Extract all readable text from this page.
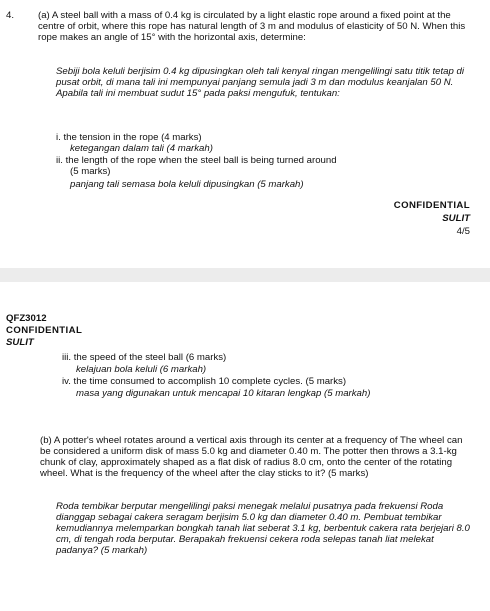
4. (a) A steel ball with a mass of 0.4 kg is circulated by a light elastic rope around a fixed point at the centre of orbit, where this rope has natural length of 3 m and modulus of elasticity of 50 N. When this rope makes an angle of 15° with the horizontal axis, determine:

Sebiji bola keluli berjisim 0.4 kg dipusingkan oleh tali kenyal ringan mengelilingi satu titik tetap di pusat orbit, di mana tali ini mempunyai panjang semula jadi 3 m dan modulus keanjalan 50 N. Apabila tali ini membuat sudut 15° pada paksi mengufuk, tentukan:

i. the tension in the rope (4 marks)

ketegangan dalam tali (4 markah)

ii. the length of the rope when the steel ball is being turned around

(5 marks)

panjang tali semasa bola keluli dipusingkan (5 markah)

CONFIDENTIAL

SULIT

4/5

QFZ3012

CONFIDENTIAL

SULIT

iii. the speed of the steel ball (6 marks)

kelajuan bola keluli (6 markah)

iv. the time consumed to accomplish 10 complete cycles. (5 marks)

masa yang digunakan untuk mencapai 10 kitaran lengkap (5 markah)

(b) A potter's wheel rotates around a vertical axis through its center at a frequency of The wheel can be considered a uniform disk of mass 5.0 kg and diameter 0.40 m. The potter then throws a 3.1-kg chunk of clay, approximately shaped as a flat disk of radius 8.0 cm, onto the center of the rotating wheel. What is the frequency of the wheel after the clay sticks to it? (5 marks)

Roda tembikar berputar mengelilingi paksi menegak melalui pusatnya pada frekuensi Roda dianggap sebagai cakera seragam berjisim 5.0 kg dan diameter 0.40 m. Pembuat tembikar kemudiannya melemparkan bongkah tanah liat seberat 3.1 kg, berbentuk cakera rata berjejari 8.0 cm, di tengah roda berputar. Berapakah frekuensi cekera roda selepas tanah liat melekat padanya? (5 markah)
